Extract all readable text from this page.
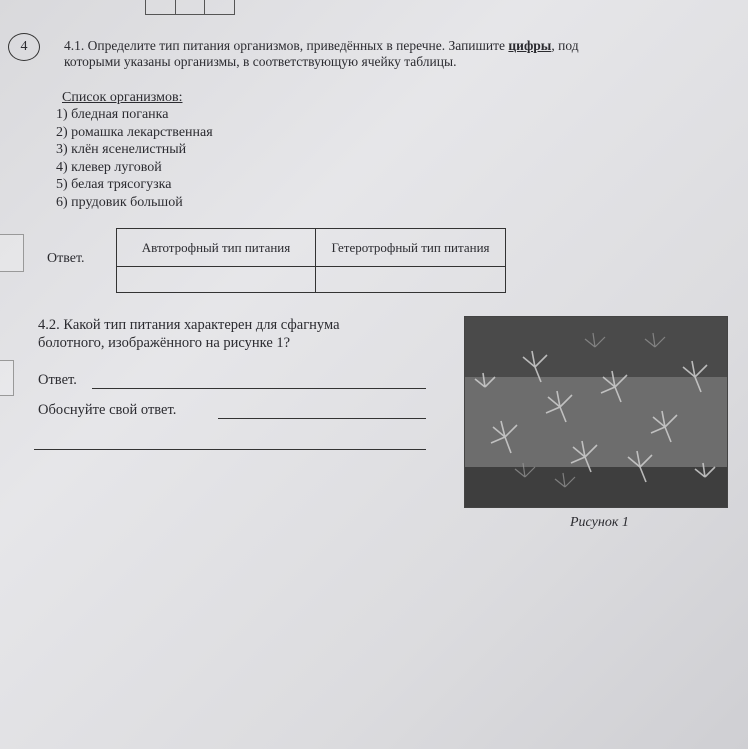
4	4.1. Определите тип питания организмов, приведённых в перечне. Запишите цифры, под
которыми указаны организмы, в соответствующую ячейку таблицы.
Список организмов:
1) бледная поганка
2) ромашка лекарственная
3) клён ясенелистный
4) клевер луговой
5) белая трясогузка
6) прудовик большой
Ответ.
Автотрофный тип питания	Гетеротрофный тип питания

4.2. Какой тип питания характерен для сфагнума
болотного, изображённого на рисунке 1?
Ответ.
Обоснуйте свой ответ.
Рисунок 1
